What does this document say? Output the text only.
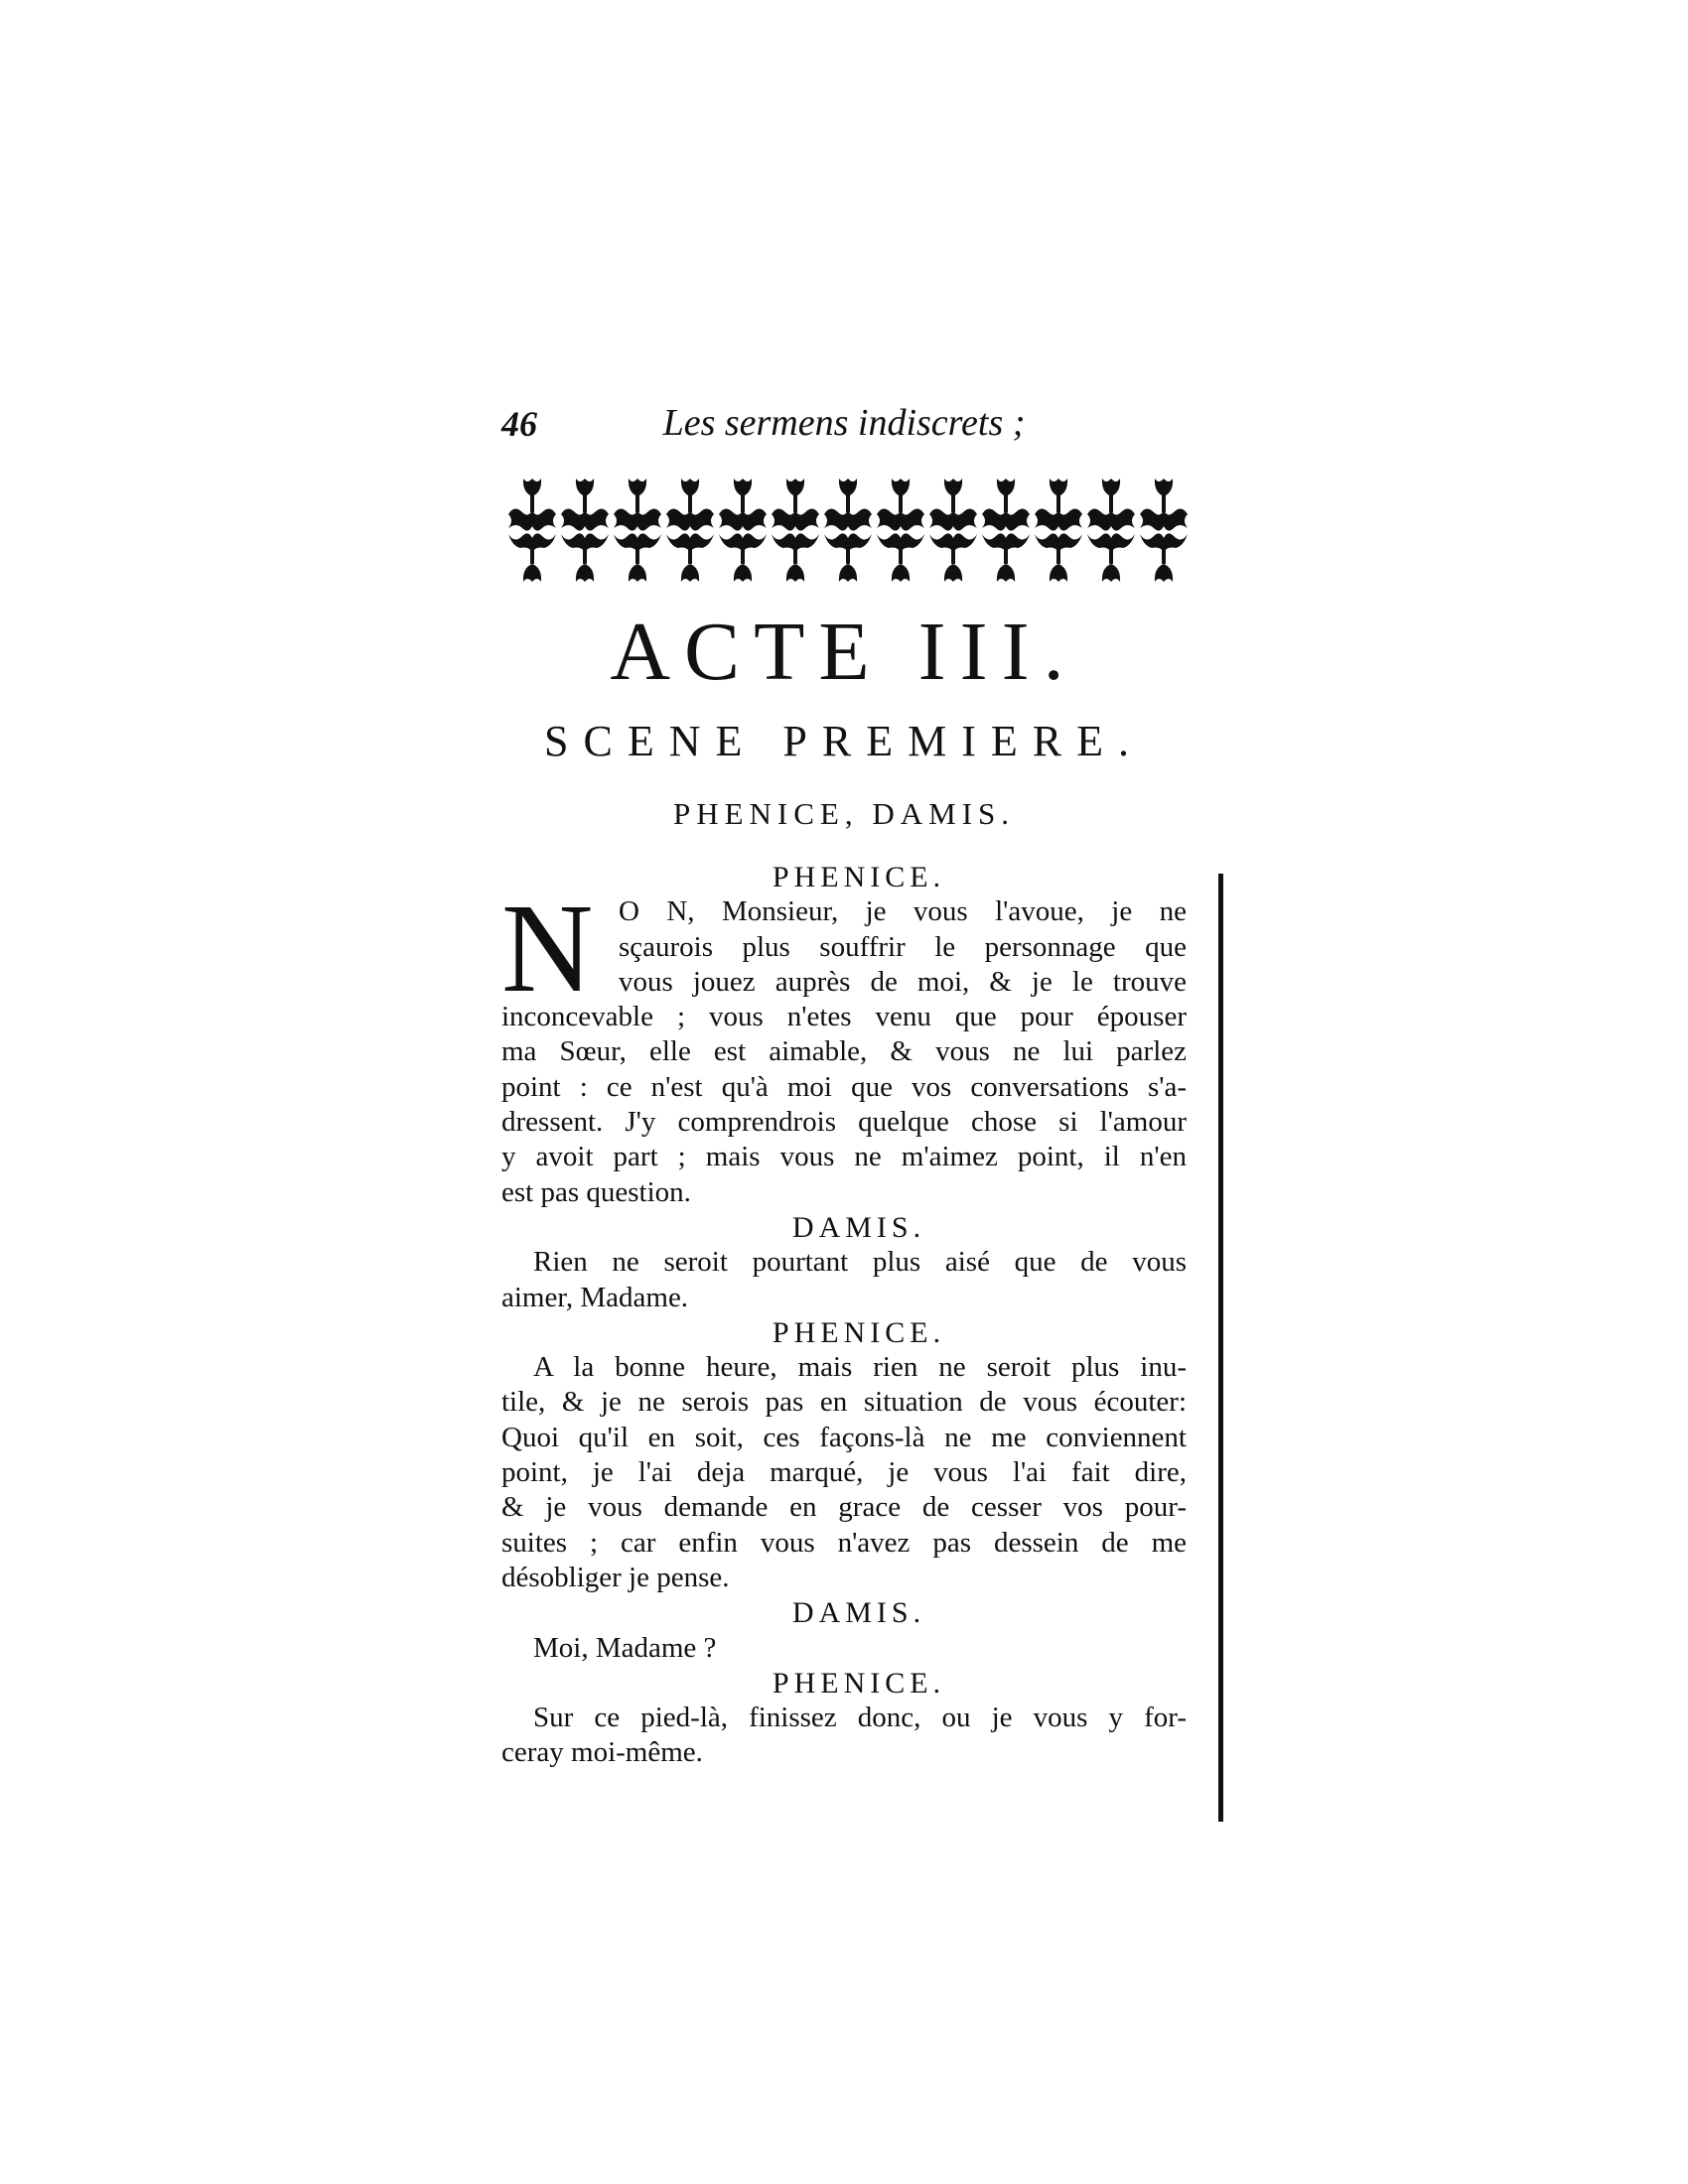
46	Les sermens indiscrets ;
ACTE III.
SCENE PREMIERE.
PHENICE, DAMIS.
N
PHENICE.
O N, Monsieur, je vous l'avoue, je ne
sçaurois plus souffrir le personnage que
vous jouez auprès de moi, & je le trouve
inconcevable ; vous n'etes venu que pour épouser
ma Sœur, elle est aimable, & vous ne lui parlez
point : ce n'est qu'à moi que vos conversations s'a-
dressent. J'y comprendrois quelque chose si l'amour
y avoit part ; mais vous ne m'aimez point, il n'en
est pas question.
DAMIS.
Rien ne seroit pourtant plus aisé que de vous
aimer, Madame.
PHENICE.
A la bonne heure, mais rien ne seroit plus inu-
tile, & je ne serois pas en situation de vous écouter:
Quoi qu'il en soit, ces façons-là ne me conviennent
point, je l'ai deja marqué, je vous l'ai fait dire,
& je vous demande en grace de cesser vos pour-
suites ; car enfin vous n'avez pas dessein de me
désobliger je pense.
DAMIS.
Moi, Madame ?
PHENICE.
Sur ce pied-là, finissez donc, ou je vous y for-
ceray moi-même.
